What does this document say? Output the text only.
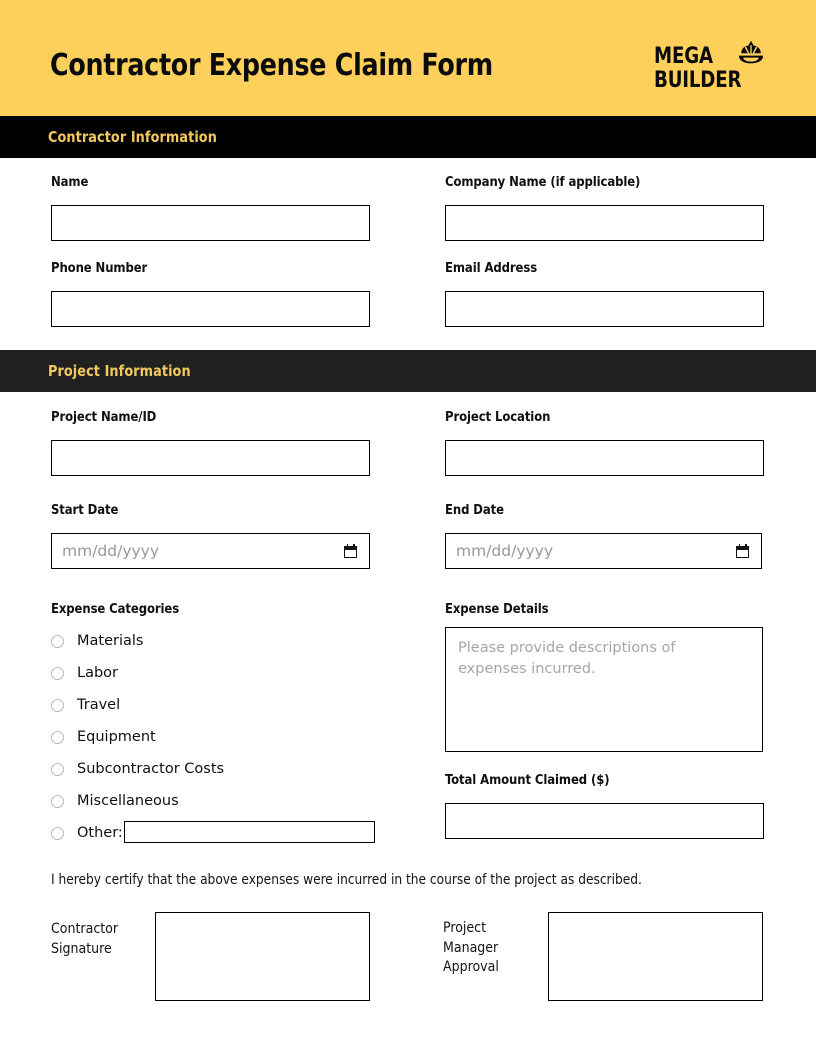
Contractor Expense Claim Form	MEGA
BUILDER
Contractor Information
Name	Company Name (if applicable)
Phone Number	Email Address
Project Information
Project Name/ID	Project Location
Start Date
mm/dd/yyyy
End Date
mm/dd/yyyy
Expense Categories
Materials
Labor
Travel
Equipment
Subcontractor Costs
Miscellaneous
Other:
Expense Details
Please provide descriptions of expenses incurred.
Total Amount Claimed ($)
I hereby certify that the above expenses were incurred in the course of the project as described.
Contractor Signature
Project Manager Approval
